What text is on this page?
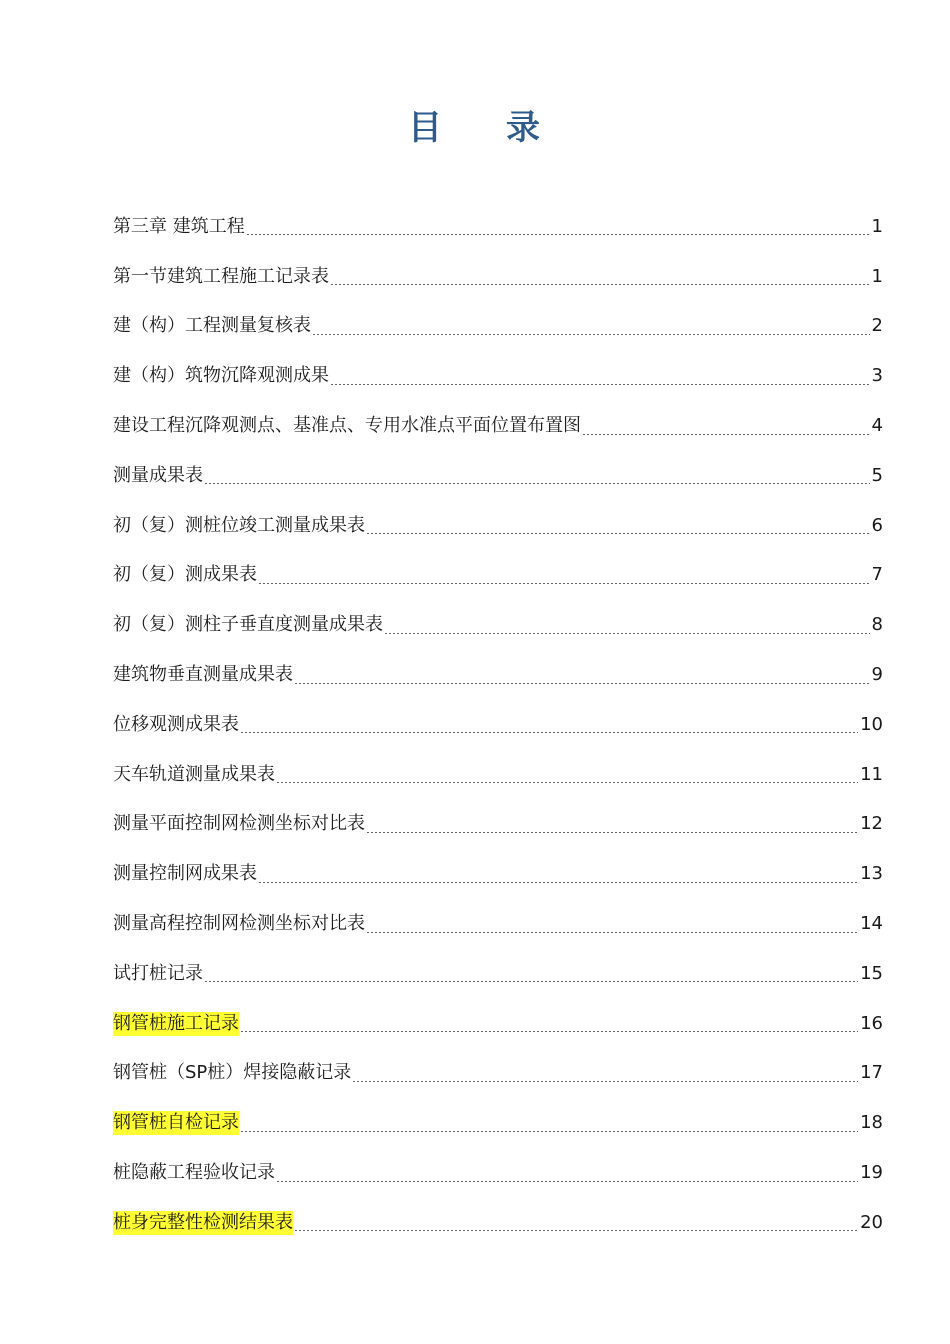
目 录
第三章 建筑工程	1
第一节建筑工程施工记录表	1
建（构）工程测量复核表	2
建（构）筑物沉降观测成果	3
建设工程沉降观测点、基准点、专用水准点平面位置布置图	4
测量成果表	5
初（复）测桩位竣工测量成果表	6
初（复）测成果表	7
初（复）测柱子垂直度测量成果表	8
建筑物垂直测量成果表	9
位移观测成果表	10
天车轨道测量成果表	11
测量平面控制网检测坐标对比表	12
测量控制网成果表	13
测量高程控制网检测坐标对比表	14
试打桩记录	15
钢管桩施工记录	16
钢管桩（SP桩）焊接隐蔽记录	17
钢管桩自检记录	18
桩隐蔽工程验收记录	19
桩身完整性检测结果表	20
